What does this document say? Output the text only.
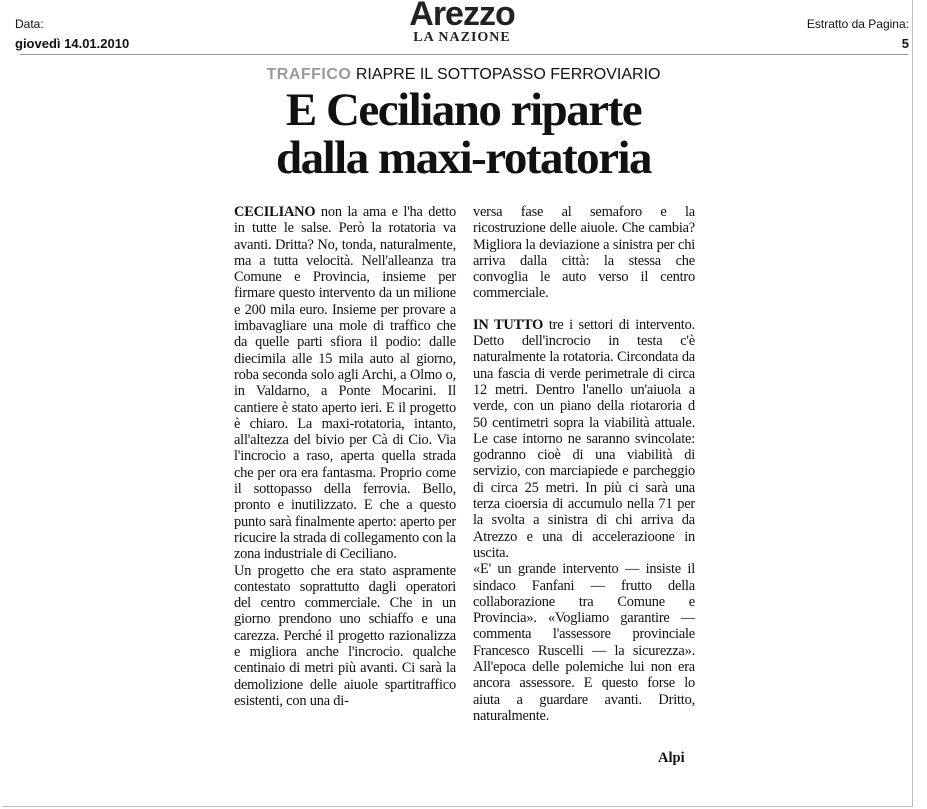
Data:
giovedì 14.01.2010
Arezzo
LA NAZIONE
Estratto da Pagina:
5
TRAFFICO RIAPRE IL SOTTOPASSO FERROVIARIO
E Ceciliano riparte
dalla maxi-rotatoria

CECILIANO non la ama e l'ha detto in tutte le salse. Però la rotatoria va avanti. Dritta? No, tonda, naturalmente, ma a tutta velocità. Nell'alleanza tra Comune e Provincia, insieme per firmare questo intervento da un milione e 200 mila euro. Insieme per provare a imbavagliare una mole di traffico che da quelle parti sfiora il podio: dalle diecimila alle 15 mila auto al giorno, roba seconda solo agli Archi, a Olmo o, in Valdarno, a Ponte Mocarini. Il cantiere è stato aperto ieri. E il progetto è chiaro. La maxi-rotatoria, intanto, all'altezza del bivio per Cà di Cio. Via l'incrocio a raso, aperta quella strada che per ora era fantasma. Proprio come il sottopasso della ferrovia. Bello, pronto e inutilizzato. E che a questo punto sarà finalmente aperto: aperto per ricucire la strada di collegamento con la zona industriale di Ceciliano.

Un progetto che era stato aspramente contestato soprattutto dagli operatori del centro commerciale. Che in un giorno prendono uno schiaffo e una carezza. Perché il progetto razionalizza e migliora anche l'incrocio. qualche centinaio di metri più avanti. Ci sarà la demolizione delle aiuole spartitraffico esistenti, con una di-

versa fase al semaforo e la ricostruzione delle aiuole. Che cambia? Migliora la deviazione a sinistra per chi arriva dalla città: la stessa che convoglia le auto verso il centro commerciale.

IN TUTTO tre i settori di intervento. Detto dell'incrocio in testa c'è naturalmente la rotatoria. Circondata da una fascia di verde perimetrale di circa 12 metri. Dentro l'anello un'aiuola a verde, con un piano della riotaroria d 50 centimetri sopra la viabilità attuale. Le case intorno ne saranno svincolate: godranno cioè di una viabilità di servizio, con marciapiede e parcheggio di circa 25 metri. In più ci sarà una terza cioersia di accumulo nella 71 per la svolta a sinistra di chi arriva da Atrezzo e una di accelerazioone in uscita.

«E' un grande intervento — insiste il sindaco Fanfani — frutto della collaborazione tra Comune e Provincia». «Vogliamo garantire — commenta l'assessore provinciale Francesco Ruscelli — la sicurezza». All'epoca delle polemiche lui non era ancora assessore. E questo forse lo aiuta a guardare avanti. Dritto, naturalmente.

Alpi
